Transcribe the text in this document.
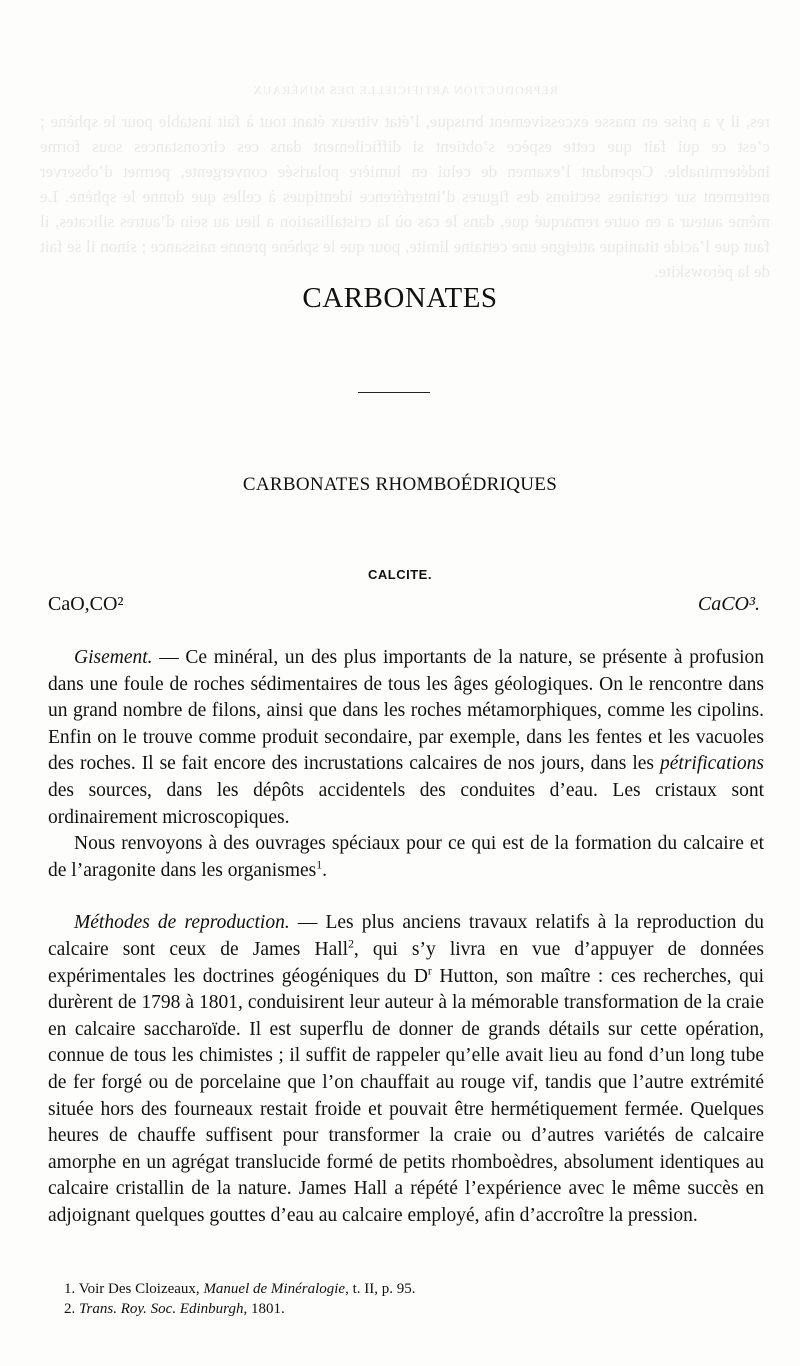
REPRODUCTION ARTIFICIELLE DES MINÉRAUX
res, il y a prise en masse excessivement brusque, l’état vitreux étant tout à fait instable pour le sphène ; c’est ce qui fait que cette espèce s’obtient si difficilement dans ces circonstances sous forme indéterminable. Cependant l’examen de celui en lumière polarisée convergente, permet d’observer nettement sur certaines sections des figures d’interférence identiques à celles que donne le sphène. Le même auteur a en outre remarqué que, dans le cas où la cristallisation a lieu au sein d’autres silicates, il faut que l’acide titanique atteigne une certaine limite, pour que le sphène prenne naissance ; sinon il se fait de la pérowskite.
CARBONATES
CARBONATES RHOMBOÉDRIQUES
CALCITE.
CaO,CO²	CaCO³.

Gisement. — Ce minéral, un des plus importants de la nature, se présente à profusion dans une foule de roches sédimentaires de tous les âges géologiques. On le rencontre dans un grand nombre de filons, ainsi que dans les roches métamorphiques, comme les cipolins. Enfin on le trouve comme produit secondaire, par exemple, dans les fentes et les vacuoles des roches. Il se fait encore des incrustations calcaires de nos jours, dans les pétrifications des sources, dans les dépôts accidentels des conduites d’eau. Les cristaux sont ordinairement microscopiques.

Nous renvoyons à des ouvrages spéciaux pour ce qui est de la formation du calcaire et de l’aragonite dans les organismes$^1$.

Méthodes de reproduction. — Les plus anciens travaux relatifs à la reproduction du calcaire sont ceux de James Hall$^2$, qui s’y livra en vue d’appuyer de données expérimentales les doctrines géogéniques du $D^r$ Hutton, son maître : ces recherches, qui durèrent de 1798 à 1801, conduisirent leur auteur à la mémorable transformation de la craie en calcaire saccharoïde. Il est superflu de donner de grands détails sur cette opération, connue de tous les chimistes ; il suffit de rappeler qu’elle avait lieu au fond d’un long tube de fer forgé ou de porcelaine que l’on chauffait au rouge vif, tandis que l’autre extrémité située hors des fourneaux restait froide et pouvait être hermétiquement fermée. Quelques heures de chauffe suffisent pour transformer la craie ou d’autres variétés de calcaire amorphe en un agrégat translucide formé de petits rhomboèdres, absolument identiques au calcaire cristallin de la nature. James Hall a répété l’expérience avec le même succès en adjoignant quelques gouttes d’eau au calcaire employé, afin d’accroître la pression.

1. Voir Des Cloizeaux, Manuel de Minéralogie, t. II, p. 95.

2. Trans. Roy. Soc. Edinburgh, 1801.
